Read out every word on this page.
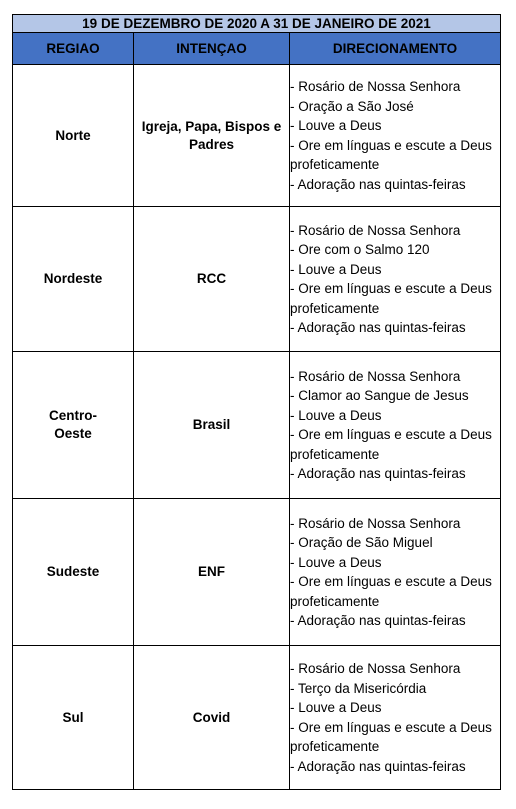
19 DE DEZEMBRO DE 2020 A 31 DE JANEIRO DE 2021		
REGIAO	INTENÇAO	DIRECIONAMENTO
Norte	Igreja, Papa, Bispos e Padres	- Rosário de Nossa Senhora
- Oração a São José
- Louve a Deus
- Ore em línguas e escute a Deus profeticamente
- Adoração nas quintas-feiras

Nordeste	RCC	- Rosário de Nossa Senhora
- Ore com o Salmo 120
- Louve a Deus
- Ore em línguas e escute a Deus profeticamente
- Adoração nas quintas-feiras

Centro-Oeste	Brasil	- Rosário de Nossa Senhora
- Clamor ao Sangue de Jesus
- Louve a Deus
- Ore em línguas e escute a Deus profeticamente
- Adoração nas quintas-feiras

Sudeste	ENF	- Rosário de Nossa Senhora
- Oração de São Miguel
- Louve a Deus
- Ore em línguas e escute a Deus profeticamente
- Adoração nas quintas-feiras

Sul	Covid	- Rosário de Nossa Senhora
- Terço da Misericórdia
- Louve a Deus
- Ore em línguas e escute a Deus profeticamente
- Adoração nas quintas-feiras
